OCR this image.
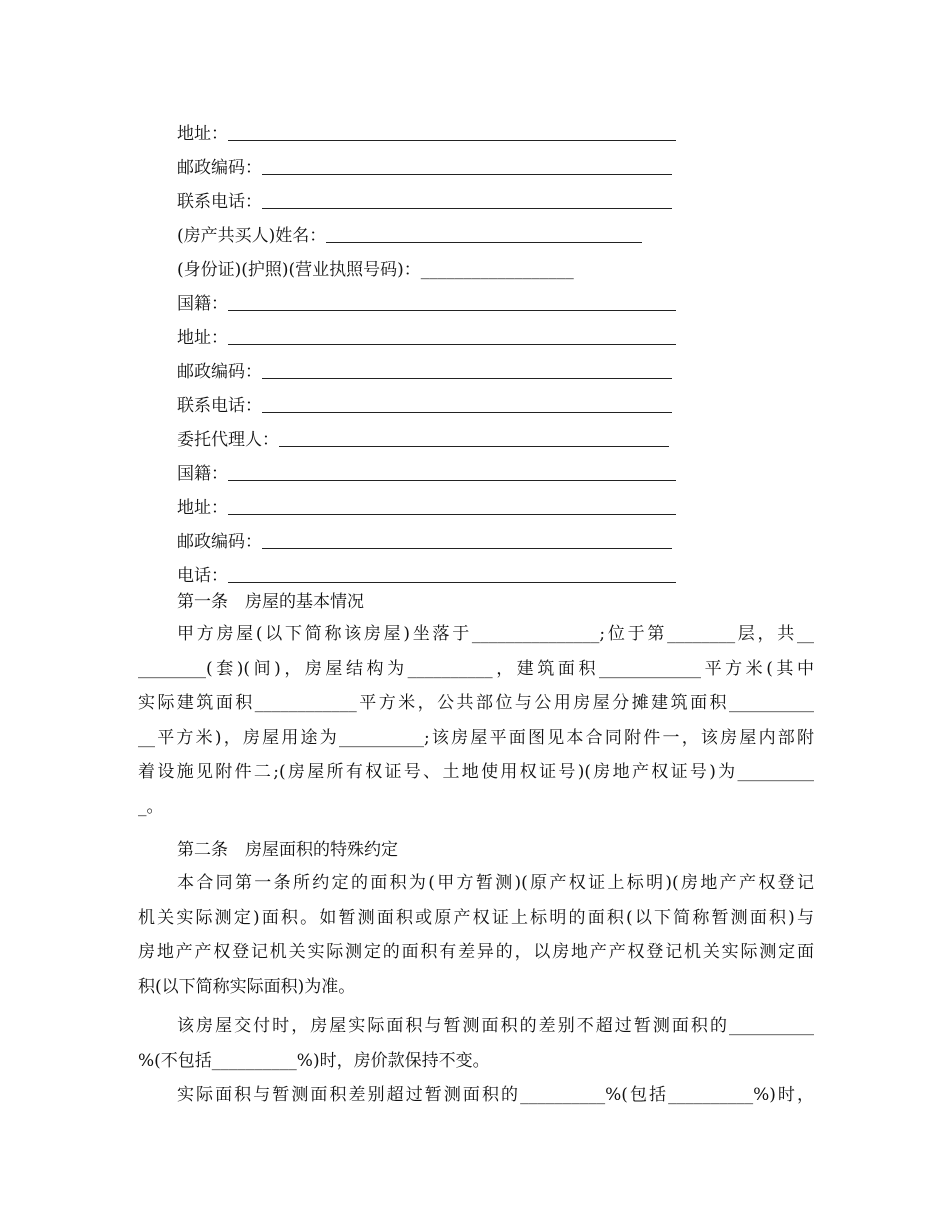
地址：
邮政编码：
联系电话：
(房产共买人)姓名：
(身份证)(护照)(营业执照号码)：__________________
国籍：
地址：
邮政编码：
联系电话：
委托代理人：
国籍：
地址：
邮政编码：
电话：
第一条　房屋的基本情况
甲方房屋(以下简称该房屋)坐落于_______________;位于第________层，共__
________(套)(间)，房屋结构为__________，建筑面积____________平方米(其中
实际建筑面积____________平方米，公共部位与公用房屋分摊建筑面积__________
__平方米)，房屋用途为__________;该房屋平面图见本合同附件一，该房屋内部附
着设施见附件二;(房屋所有权证号、土地使用权证号)(房地产权证号)为_________
_。
第二条　房屋面积的特殊约定
本合同第一条所约定的面积为(甲方暂测)(原产权证上标明)(房地产产权登记
机关实际测定)面积。如暂测面积或原产权证上标明的面积(以下简称暂测面积)与
房地产产权登记机关实际测定的面积有差异的，以房地产产权登记机关实际测定面
积(以下简称实际面积)为准。
该房屋交付时，房屋实际面积与暂测面积的差别不超过暂测面积的__________
%(不包括__________%)时，房价款保持不变。
实际面积与暂测面积差别超过暂测面积的__________%(包括__________%)时，
